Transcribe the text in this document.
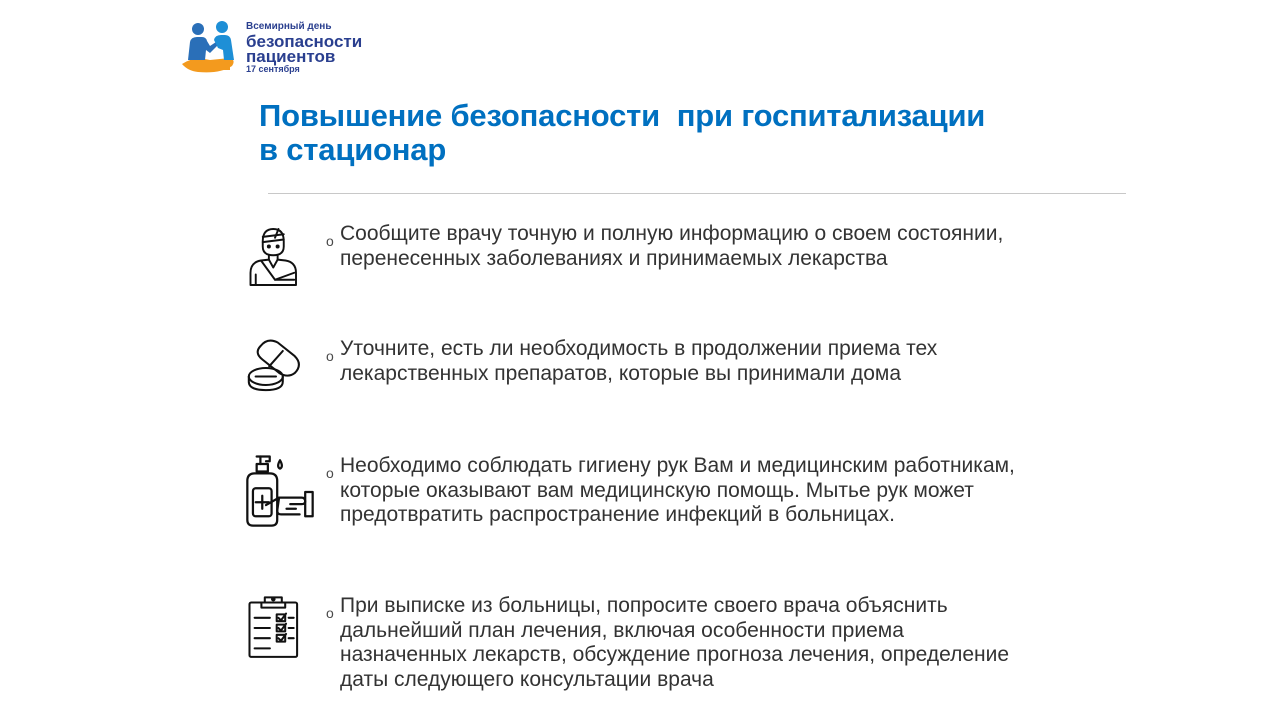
Всемирный день
безопасности
пациентов
17 сентября
Повышение безопасности  при госпитализации
в стационар
o Сообщите врачу точную и полную информацию о своем состоянии,
перенесенных заболеваниях и принимаемых лекарства
o Уточните, есть ли необходимость в продолжении приема тех
лекарственных препаратов, которые вы принимали дома
o Необходимо соблюдать гигиену рук Вам и медицинским работникам,
которые оказывают вам медицинскую помощь. Мытье рук может
предотвратить распространение инфекций в больницах.
o При выписке из больницы, попросите своего врача объяснить
дальнейший план лечения, включая особенности приема
назначенных лекарств, обсуждение прогноза лечения, определение
даты следующего консультации врача
